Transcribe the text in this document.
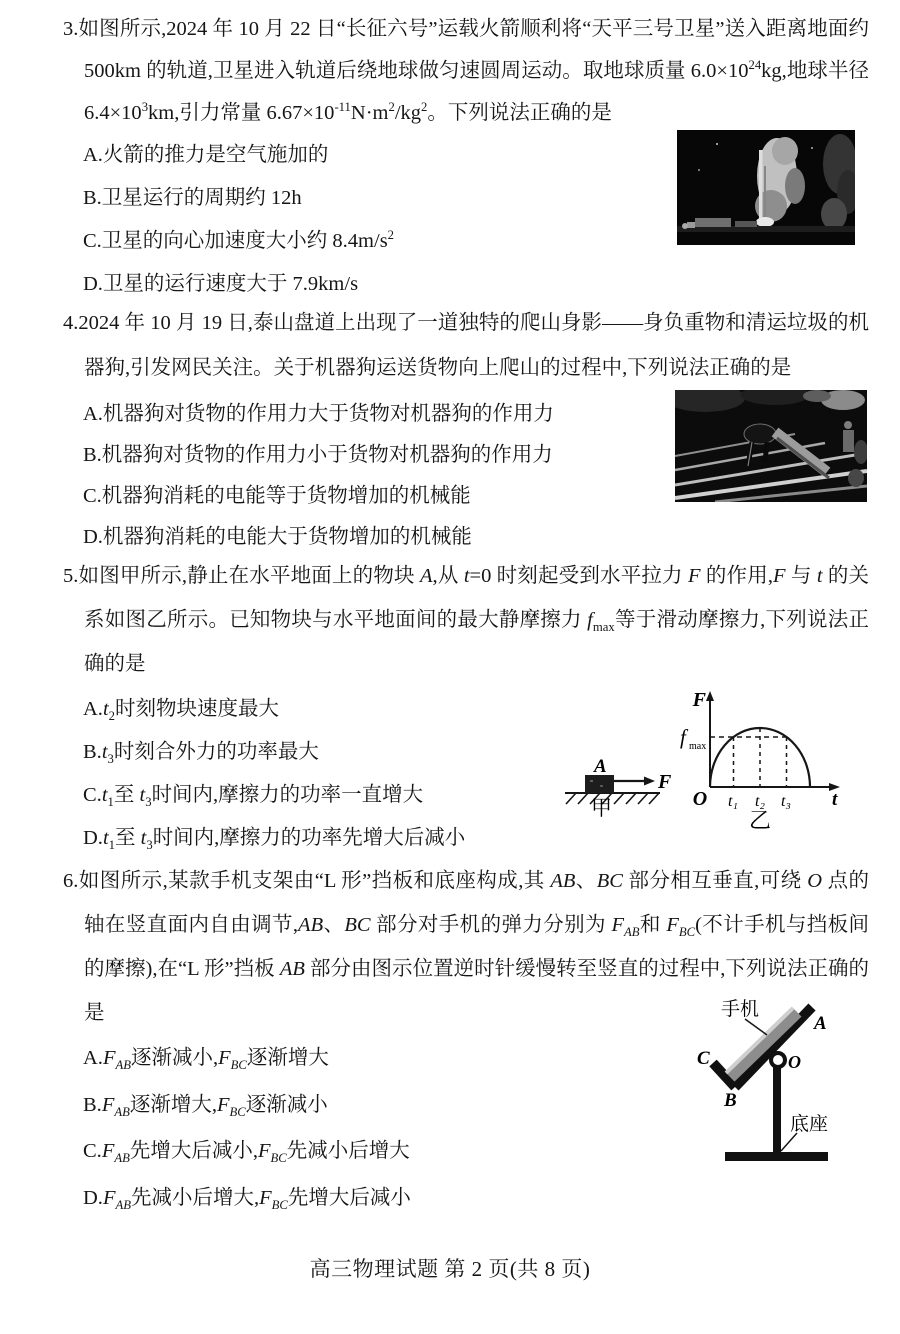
3.如图所示,2024 年 10 月 22 日“长征六号”运载火箭顺利将“天平三号卫星”送入距离地面约 500km 的轨道,卫星进入轨道后绕地球做匀速圆周运动。取地球质量 $6.0\times 10^{24}kg$,地球半径 $6.4\times 10^3km$,引力常量 $6.67\times 10^{-11}N\cdot m^2/kg^2$。下列说法正确的是

A.火箭的推力是空气施加的

B.卫星运行的周期约 12h

C.卫星的向心加速度大小约 $8.4m/s^2$

D.卫星的运行速度大于 7.9km/s

4.2024 年 10 月 19 日,泰山盘道上出现了一道独特的爬山身影——身负重物和清运垃圾的机器狗,引发网民关注。关于机器狗运送货物向上爬山的过程中,下列说法正确的是

A.机器狗对货物的作用力大于货物对机器狗的作用力

B.机器狗对货物的作用力小于货物对机器狗的作用力

C.机器狗消耗的电能等于货物增加的机械能

D.机器狗消耗的电能大于货物增加的机械能

5.如图甲所示,静止在水平地面上的物块 A,从 t=0 时刻起受到水平拉力 F 的作用,F 与 t 的关系如图乙所示。已知物块与水平地面间的最大静摩擦力 $f_{max}$等于滑动摩擦力,下列说法正确的是

$A.t_2$时刻物块速度最大

$B.t_3$时刻合外力的功率最大

$C.t_1$至 $t_3$时间内,摩擦力的功率一直增大

$D.t_1$至 $t_3$时间内,摩擦力的功率先增大后减小

A
F
甲
F
f max
O t₁ t₂ t₃ t
乙

6.如图所示,某款手机支架由“L 形”挡板和底座构成,其 AB、BC 部分相互垂直,可绕 O 点的轴在竖直面内自由调节,AB、BC 部分对手机的弹力分别为 $F_{AB}$和 $F_{BC}$(不计手机与挡板间的摩擦),在“L 形”挡板 AB 部分由图示位置逆时针缓慢转至竖直的过程中,下列说法正确的是

$A.F_{AB}$逐渐减小$,F_{BC}$逐渐增大

$B.F_{AB}$逐渐增大$,F_{BC}$逐渐减小

$C.F_{AB}$先增大后减小$,F_{BC}$先减小后增大

$D.F_{AB}$先减小后增大$,F_{BC}$先增大后减小

手机
A
C
B
O
底座

高三物理试题 第 2 页(共 8 页)
